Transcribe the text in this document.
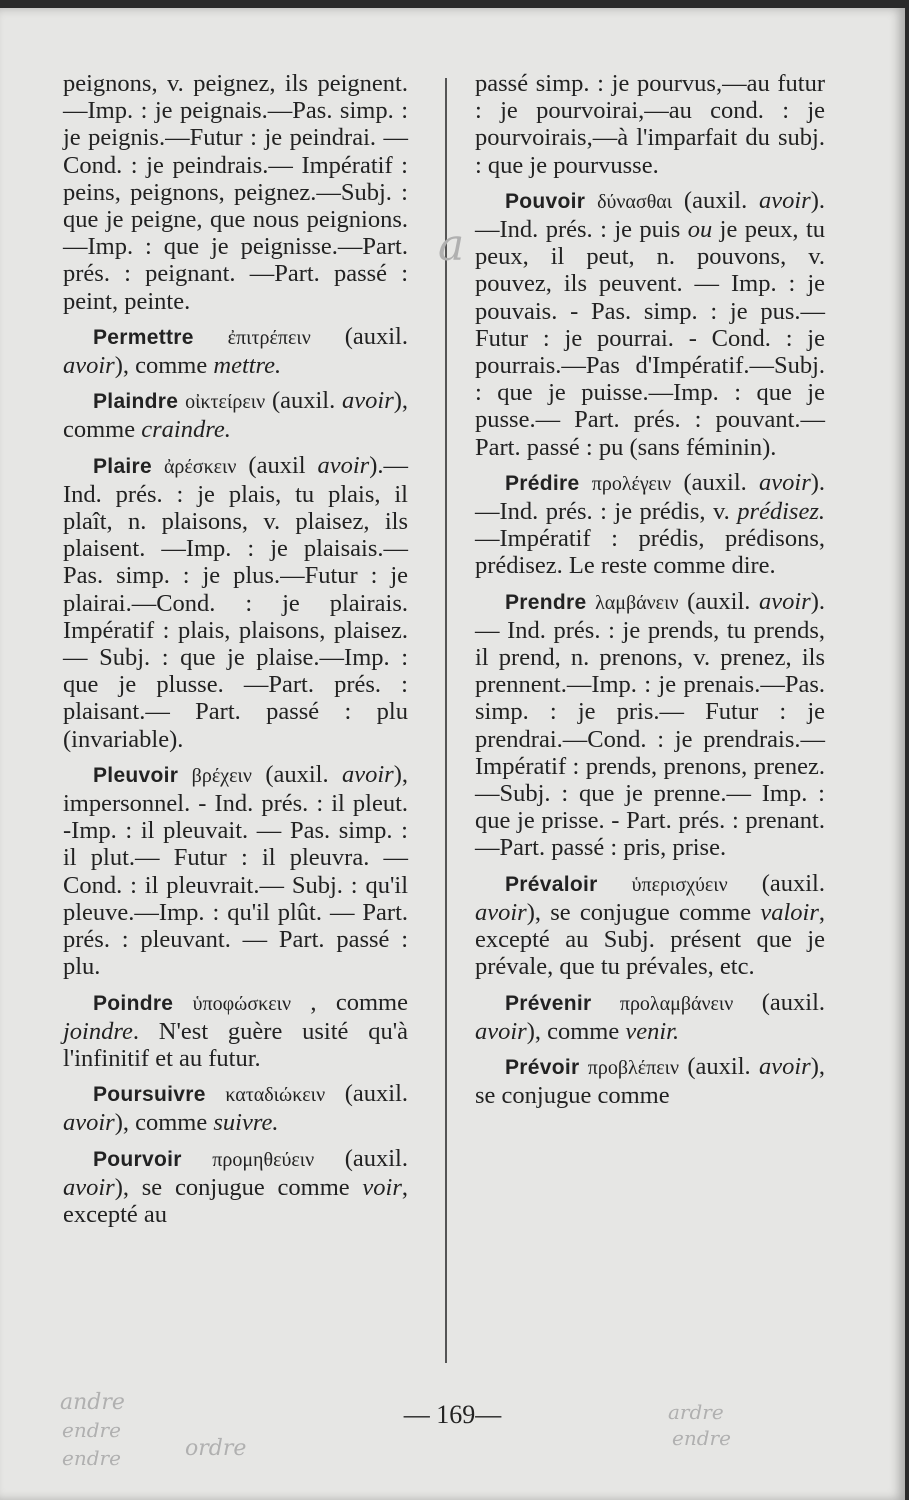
peignons, v. peignez, ils peignent.—Imp. : je peignais.—Pas. simp. : je peignis.—Futur : je peindrai. —Cond. : je peindrais.— Impératif : peins, peignons, peignez.—Subj. : que je peigne, que nous peignions.—Imp. : que je peignisse.—Part. prés. : peignant. —Part. passé : peint, peinte.

Permettre ἐπιτρέπειν (auxil. avoir), comme mettre.

Plaindre οἰκτείρειν (auxil. avoir), comme craindre.

Plaire ἀρέσκειν (auxil avoir).—Ind. prés. : je plais, tu plais, il plaît, n. plaisons, v. plaisez, ils plaisent. —Imp. : je plaisais.—Pas. simp. : je plus.—Futur : je plairai.—Cond. : je plairais. Impératif : plais, plaisons, plaisez. — Subj. : que je plaise.—Imp. : que je plusse. —Part. prés. : plaisant.— Part. passé : plu (invariable).

Pleuvoir βρέχειν (auxil. avoir), impersonnel. - Ind. prés. : il pleut. -Imp. : il pleuvait. — Pas. simp. : il plut.— Futur : il pleuvra. —Cond. : il pleuvrait.— Subj. : qu'il pleuve.—Imp. : qu'il plût. — Part. prés. : pleuvant. — Part. passé : plu.

Poindre ὑποφώσκειν , comme joindre. N'est guère usité qu'à l'infinitif et au futur.

Poursuivre καταδιώκειν (auxil. avoir), comme suivre.

Pourvoir προμηθεύειν (auxil. avoir), se conjugue comme voir, excepté au

passé simp. : je pourvus,—au futur : je pourvoirai,—au cond. : je pourvoirais,—à l'imparfait du subj. : que je pourvusse.

Pouvoir δύνασθαι (auxil. avoir).—Ind. prés. : je puis ou je peux, tu peux, il peut, n. pouvons, v. pouvez, ils peuvent. — Imp. : je pouvais. - Pas. simp. : je pus.— Futur : je pourrai. - Cond. : je pourrais.—Pas d'Impératif.—Subj. : que je puisse.—Imp. : que je pusse.— Part. prés. : pouvant.— Part. passé : pu (sans féminin).

Prédire προλέγειν (auxil. avoir).—Ind. prés. : je prédis, v. prédisez.—Impératif : prédis, prédisons, prédisez. Le reste comme dire.

Prendre λαμβάνειν (auxil. avoir). — Ind. prés. : je prends, tu prends, il prend, n. prenons, v. prenez, ils prennent.—Imp. : je prenais.—Pas. simp. : je pris.— Futur : je prendrai.—Cond. : je prendrais.—Impératif : prends, prenons, prenez. —Subj. : que je prenne.— Imp. : que je prisse. - Part. prés. : prenant.—Part. passé : pris, prise.

Prévaloir ὑπερισχύειν (auxil. avoir), se conjugue comme valoir, excepté au Subj. présent que je prévale, que tu prévales, etc.

Prévenir προλαμβάνειν (auxil. avoir), comme venir.

Prévoir προβλέπειν (auxil. avoir), se conjugue comme

a
— 169—
andre
endre
endre	ordre
ardre
endre
